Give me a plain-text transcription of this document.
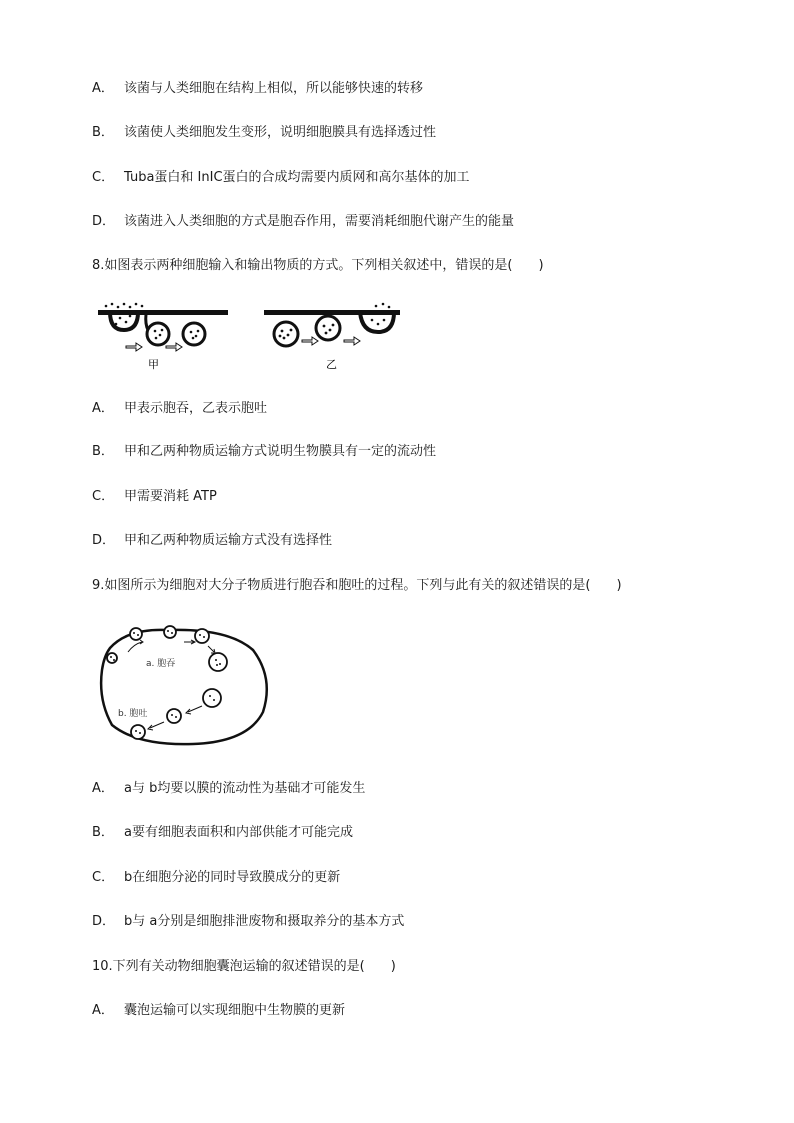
A． 该菌与人类细胞在结构上相似，所以能够快速的转移
B． 该菌使人类细胞发生变形，说明细胞膜具有选择透过性
C． Tuba蛋白和 InIC蛋白的合成均需要内质网和高尔基体的加工
D． 该菌进入人类细胞的方式是胞吞作用，需要消耗细胞代谢产生的能量
8.如图表示两种细胞输入和输出物质的方式。下列相关叙述中，错误的是(　　)
甲	乙
A． 甲表示胞吞，乙表示胞吐
B． 甲和乙两种物质运输方式说明生物膜具有一定的流动性
C． 甲需要消耗 ATP
D． 甲和乙两种物质运输方式没有选择性
9.如图所示为细胞对大分子物质进行胞吞和胞吐的过程。下列与此有关的叙述错误的是(　　)
a. 胞吞
b. 胞吐
A． a与 b均要以膜的流动性为基础才可能发生
B． a要有细胞表面积和内部供能才可能完成
C． b在细胞分泌的同时导致膜成分的更新
D． b与 a分别是细胞排泄废物和摄取养分的基本方式
10.下列有关动物细胞囊泡运输的叙述错误的是(　　)
A． 囊泡运输可以实现细胞中生物膜的更新
